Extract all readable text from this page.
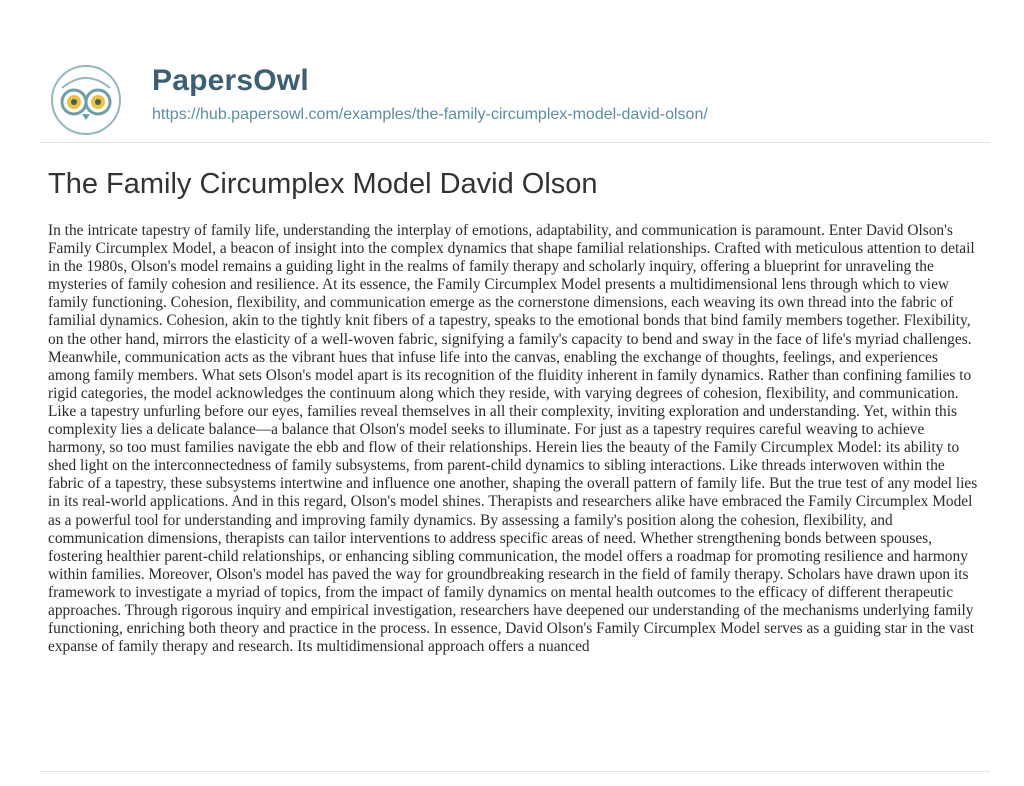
PapersOwl
https://hub.papersowl.com/examples/the-family-circumplex-model-david-olson/
The Family Circumplex Model David Olson

In the intricate tapestry of family life, understanding the interplay of emotions, adaptability, and communication is paramount. Enter David Olson's Family Circumplex Model, a beacon of insight into the complex dynamics that shape familial relationships. Crafted with meticulous attention to detail in the 1980s, Olson's model remains a guiding light in the realms of family therapy and scholarly inquiry, offering a blueprint for unraveling the mysteries of family cohesion and resilience. At its essence, the Family Circumplex Model presents a multidimensional lens through which to view family functioning. Cohesion, flexibility, and communication emerge as the cornerstone dimensions, each weaving its own thread into the fabric of familial dynamics. Cohesion, akin to the tightly knit fibers of a tapestry, speaks to the emotional bonds that bind family members together. Flexibility, on the other hand, mirrors the elasticity of a well-woven fabric, signifying a family's capacity to bend and sway in the face of life's myriad challenges. Meanwhile, communication acts as the vibrant hues that infuse life into the canvas, enabling the exchange of thoughts, feelings, and experiences among family members. What sets Olson's model apart is its recognition of the fluidity inherent in family dynamics. Rather than confining families to rigid categories, the model acknowledges the continuum along which they reside, with varying degrees of cohesion, flexibility, and communication. Like a tapestry unfurling before our eyes, families reveal themselves in all their complexity, inviting exploration and understanding. Yet, within this complexity lies a delicate balance—a balance that Olson's model seeks to illuminate. For just as a tapestry requires careful weaving to achieve harmony, so too must families navigate the ebb and flow of their relationships. Herein lies the beauty of the Family Circumplex Model: its ability to shed light on the interconnectedness of family subsystems, from parent-child dynamics to sibling interactions. Like threads interwoven within the fabric of a tapestry, these subsystems intertwine and influence one another, shaping the overall pattern of family life. But the true test of any model lies in its real-world applications. And in this regard, Olson's model shines. Therapists and researchers alike have embraced the Family Circumplex Model as a powerful tool for understanding and improving family dynamics. By assessing a family's position along the cohesion, flexibility, and communication dimensions, therapists can tailor interventions to address specific areas of need. Whether strengthening bonds between spouses, fostering healthier parent-child relationships, or enhancing sibling communication, the model offers a roadmap for promoting resilience and harmony within families. Moreover, Olson's model has paved the way for groundbreaking research in the field of family therapy. Scholars have drawn upon its framework to investigate a myriad of topics, from the impact of family dynamics on mental health outcomes to the efficacy of different therapeutic approaches. Through rigorous inquiry and empirical investigation, researchers have deepened our understanding of the mechanisms underlying family functioning, enriching both theory and practice in the process. In essence, David Olson's Family Circumplex Model serves as a guiding star in the vast expanse of family therapy and research. Its multidimensional approach offers a nuanced
